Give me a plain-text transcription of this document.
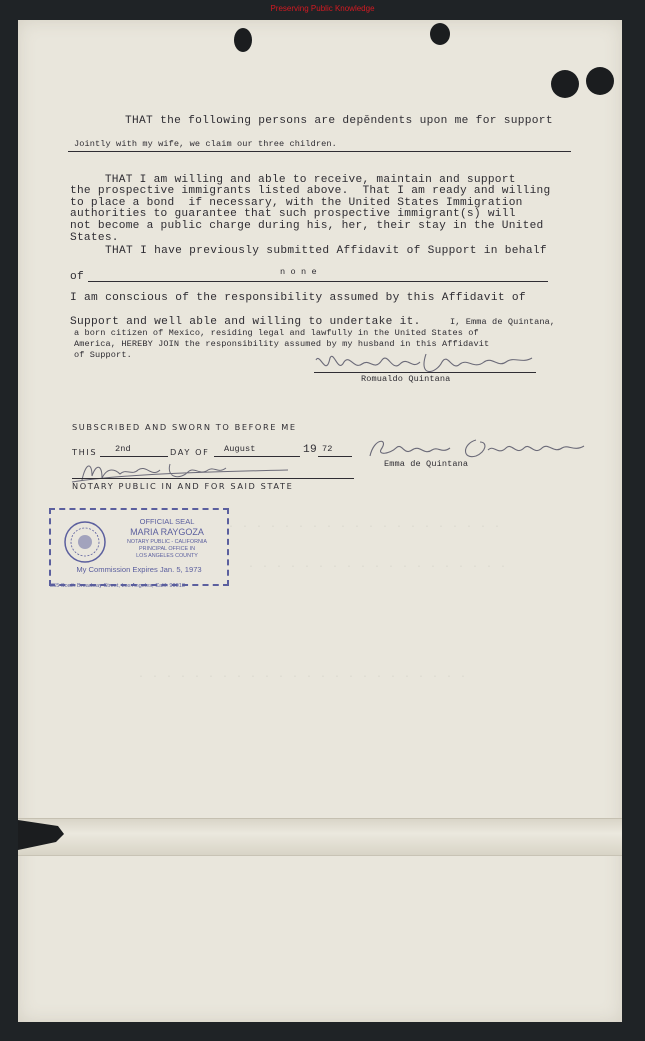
Preserving Public Knowledge
. . . . . . . . . . . . . . . . . . . .
. . . . . . . . . . . . . . . . . . .
. . . . . . . . . . . . . . . . . . . . . . . .
THAT the following persons are depĕndents upon me for support
Jointly with my wife, we claim our three children.

THAT I am willing and able to receive, maintain and support
the prospective immigrants listed above.  That I am ready and willing
to place a bond  if necessary, with the United States Immigration
authorities to guarantee that such prospective immigrant(s) will
not become a public charge during his, her, their stay in the United
States.
THAT I have previously submitted Affidavit of Support in behalf
of	n o n e
I am conscious of the responsibility assumed by this Affidavit of
Support and well able and willing to undertake it.	I, Emma de Quintana,
a born citizen of Mexico, residing legal and lawfully in the United States of
America, HEREBY JOIN the responsibility assumed by my husband in this Affidavit
of Support.
Romualdo Quintana
SUBSCRIBED AND SWORN TO BEFORE ME
THIS 2nd	DAY OF August	19 72
Emma de Quintana
NOTARY PUBLIC IN AND FOR SAID STATE
OFFICIAL SEAL
MARIA RAYGOZA
NOTARY PUBLIC - CALIFORNIA
PRINCIPAL OFFICE IN
LOS ANGELES COUNTY
My Commission Expires Jan. 5, 1973
355 South Broadway Street, Los Angeles, Calif. 90013
